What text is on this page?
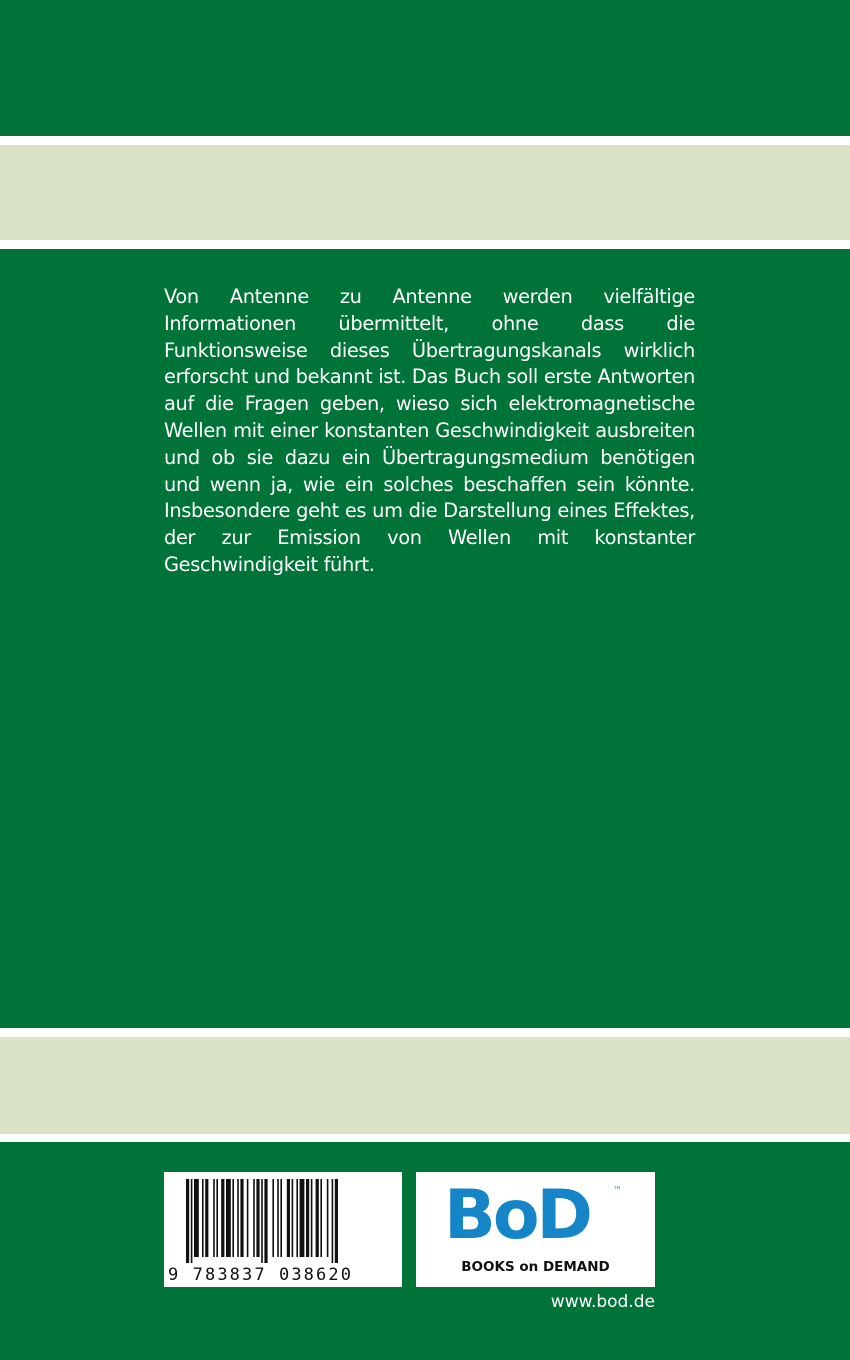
Von Antenne zu Antenne werden vielfältige Informationen übermittelt, ohne dass die Funktionsweise dieses Übertragungskanals wirklich erforscht und bekannt ist. Das Buch soll erste Antworten auf die Fragen geben, wieso sich elektromagnetische Wellen mit einer konstanten Geschwindigkeit ausbreiten und ob sie dazu ein Übertragungsmedium benötigen und wenn ja, wie ein solches beschaffen sein könnte. Insbesondere geht es um die Darstellung eines Effektes, der zur Emission von Wellen mit konstanter Geschwindigkeit führt.

9 783837 038620
BoD	™
BOOKS on DEMAND
www.bod.de
